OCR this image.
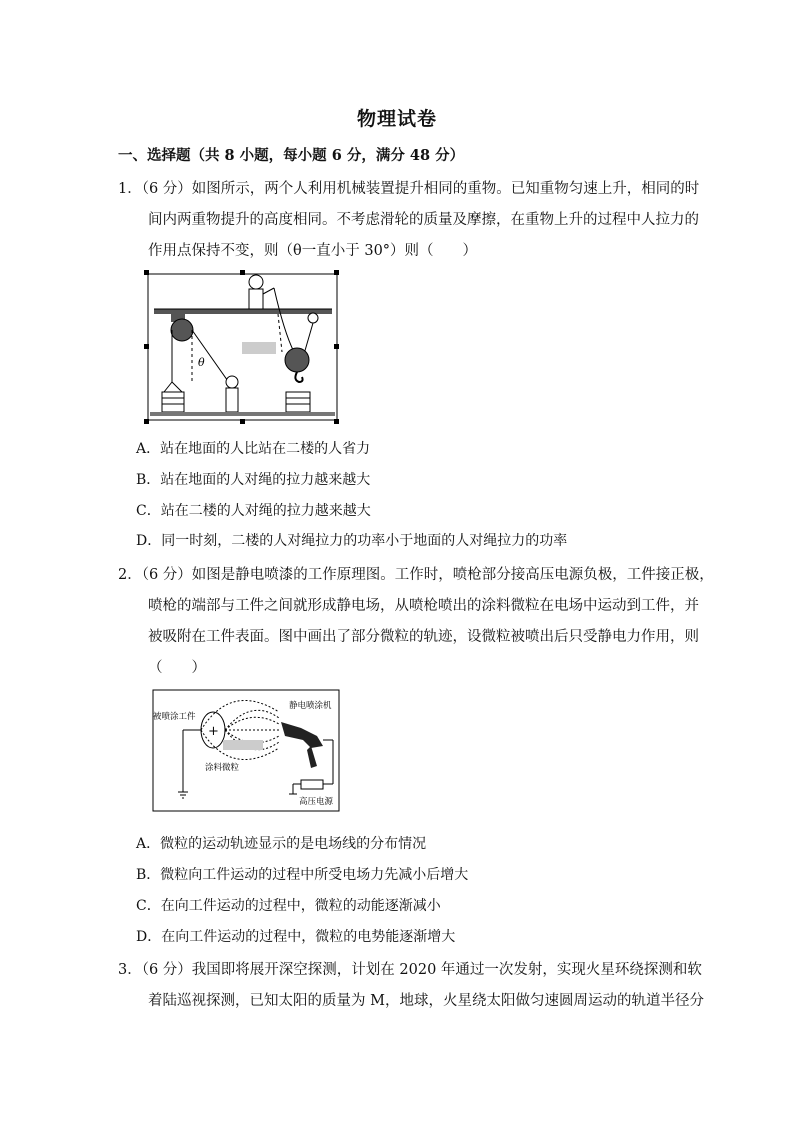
物理试卷
一、选择题（共 8 小题，每小题 6 分，满分 48 分）
1．（6 分）如图所示，两个人利用机械装置提升相同的重物。已知重物匀速上升，相同的时
间内两重物提升的高度相同。不考虑滑轮的质量及摩擦，在重物上升的过程中人拉力的
作用点保持不变，则（θ一直小于 30°）则（　　）
θ
A．站在地面的人比站在二楼的人省力
B．站在地面的人对绳的拉力越来越大
C．站在二楼的人对绳的拉力越来越大
D．同一时刻，二楼的人对绳拉力的功率小于地面的人对绳拉力的功率
2．（6 分）如图是静电喷漆的工作原理图。工作时，喷枪部分接高压电源负极，工件接正极，
喷枪的端部与工件之间就形成静电场，从喷枪喷出的涂料微粒在电场中运动到工件，并
被吸附在工件表面。图中画出了部分微粒的轨迹，设微粒被喷出后只受静电力作用，则
（　　）
+
被喷涂工件
静电喷涂机
涂料微粒
高压电源
A．微粒的运动轨迹显示的是电场线的分布情况
B．微粒向工件运动的过程中所受电场力先减小后增大
C．在向工件运动的过程中，微粒的动能逐渐减小
D．在向工件运动的过程中，微粒的电势能逐渐增大
3．（6 分）我国即将展开深空探测，计划在 2020 年通过一次发射，实现火星环绕探测和软
着陆巡视探测，已知太阳的质量为 M，地球，火星绕太阳做匀速圆周运动的轨道半径分
